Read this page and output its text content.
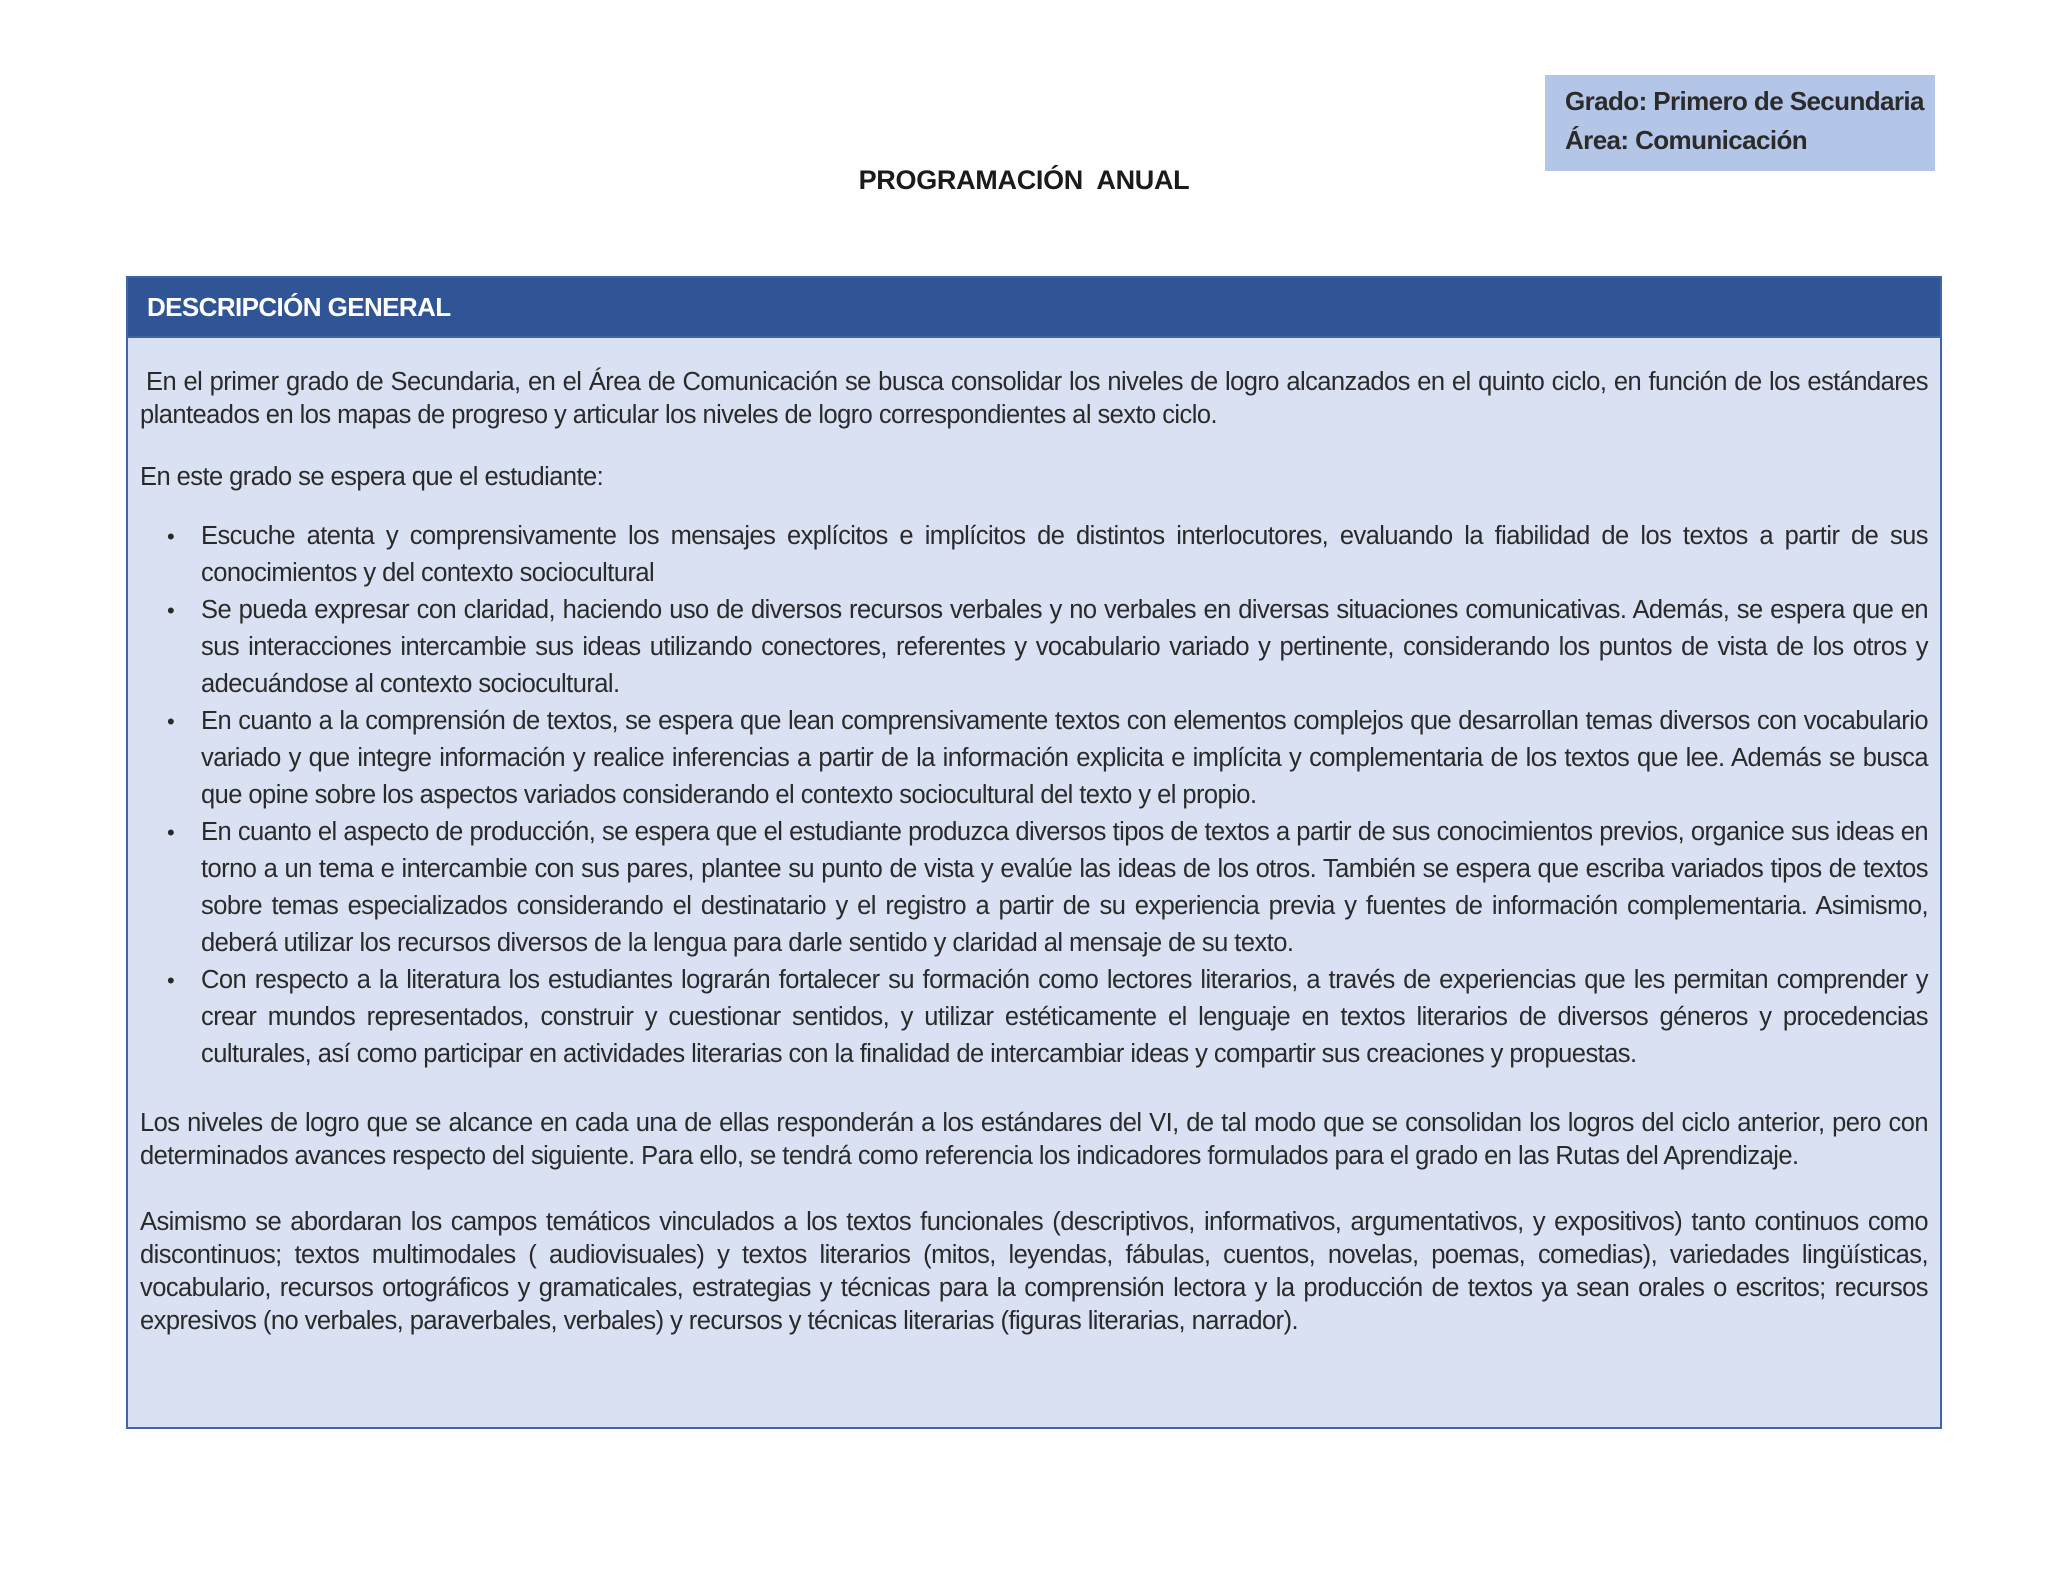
Grado: Primero de Secundaria
Área: Comunicación
PROGRAMACIÓN  ANUAL
DESCRIPCIÓN GENERAL

En el primer grado de Secundaria, en el Área de Comunicación se busca consolidar los niveles de logro alcanzados en el quinto ciclo, en función de los estándares planteados en los mapas de progreso y articular los niveles de logro correspondientes al sexto ciclo.

En este grado se espera que el estudiante:

• Escuche atenta y comprensivamente los mensajes explícitos e implícitos de distintos interlocutores, evaluando la fiabilidad de los textos a partir de sus conocimientos y del contexto sociocultural
• Se pueda expresar con claridad, haciendo uso de diversos recursos verbales y no verbales en diversas situaciones comunicativas. Además, se espera que en sus interacciones intercambie sus ideas utilizando conectores, referentes y vocabulario variado y pertinente, considerando los puntos de vista de los otros y adecuándose al contexto sociocultural.
• En cuanto a la comprensión de textos, se espera que lean comprensivamente textos con elementos complejos que desarrollan temas diversos con vocabulario variado y que integre información y realice inferencias a partir de la información explicita e implícita y complementaria de los textos que lee. Además se busca que opine sobre los aspectos variados considerando el contexto sociocultural del texto y el propio.
• En cuanto el aspecto de producción, se espera que el estudiante produzca diversos tipos de textos a partir de sus conocimientos previos, organice sus ideas en torno a un tema e intercambie con sus pares, plantee su punto de vista y evalúe las ideas de los otros. También se espera que escriba variados tipos de textos sobre temas especializados considerando el destinatario y el registro a partir de su experiencia previa y fuentes de información complementaria. Asimismo, deberá utilizar los recursos diversos de la lengua para darle sentido y claridad al mensaje de su texto.
• Con respecto a la literatura los estudiantes lograrán fortalecer su formación como lectores literarios, a través de experiencias que les permitan comprender y crear mundos representados, construir y cuestionar sentidos, y utilizar estéticamente el lenguaje en textos literarios de diversos géneros y procedencias culturales, así como participar en actividades literarias con la finalidad de intercambiar ideas y compartir sus creaciones y propuestas.

Los niveles de logro que se alcance en cada una de ellas responderán a los estándares del VI, de tal modo que se consolidan los logros del ciclo anterior, pero con determinados avances respecto del siguiente. Para ello, se tendrá como referencia los indicadores formulados para el grado en las Rutas del Aprendizaje.

Asimismo se abordaran los campos temáticos vinculados a los textos funcionales (descriptivos, informativos, argumentativos, y expositivos) tanto continuos como discontinuos; textos multimodales ( audiovisuales) y textos literarios (mitos, leyendas, fábulas, cuentos, novelas, poemas, comedias), variedades lingüísticas, vocabulario, recursos ortográficos y gramaticales, estrategias y técnicas para la comprensión lectora y la producción de textos ya sean orales o escritos; recursos expresivos (no verbales, paraverbales, verbales) y recursos y técnicas literarias (figuras literarias, narrador).
